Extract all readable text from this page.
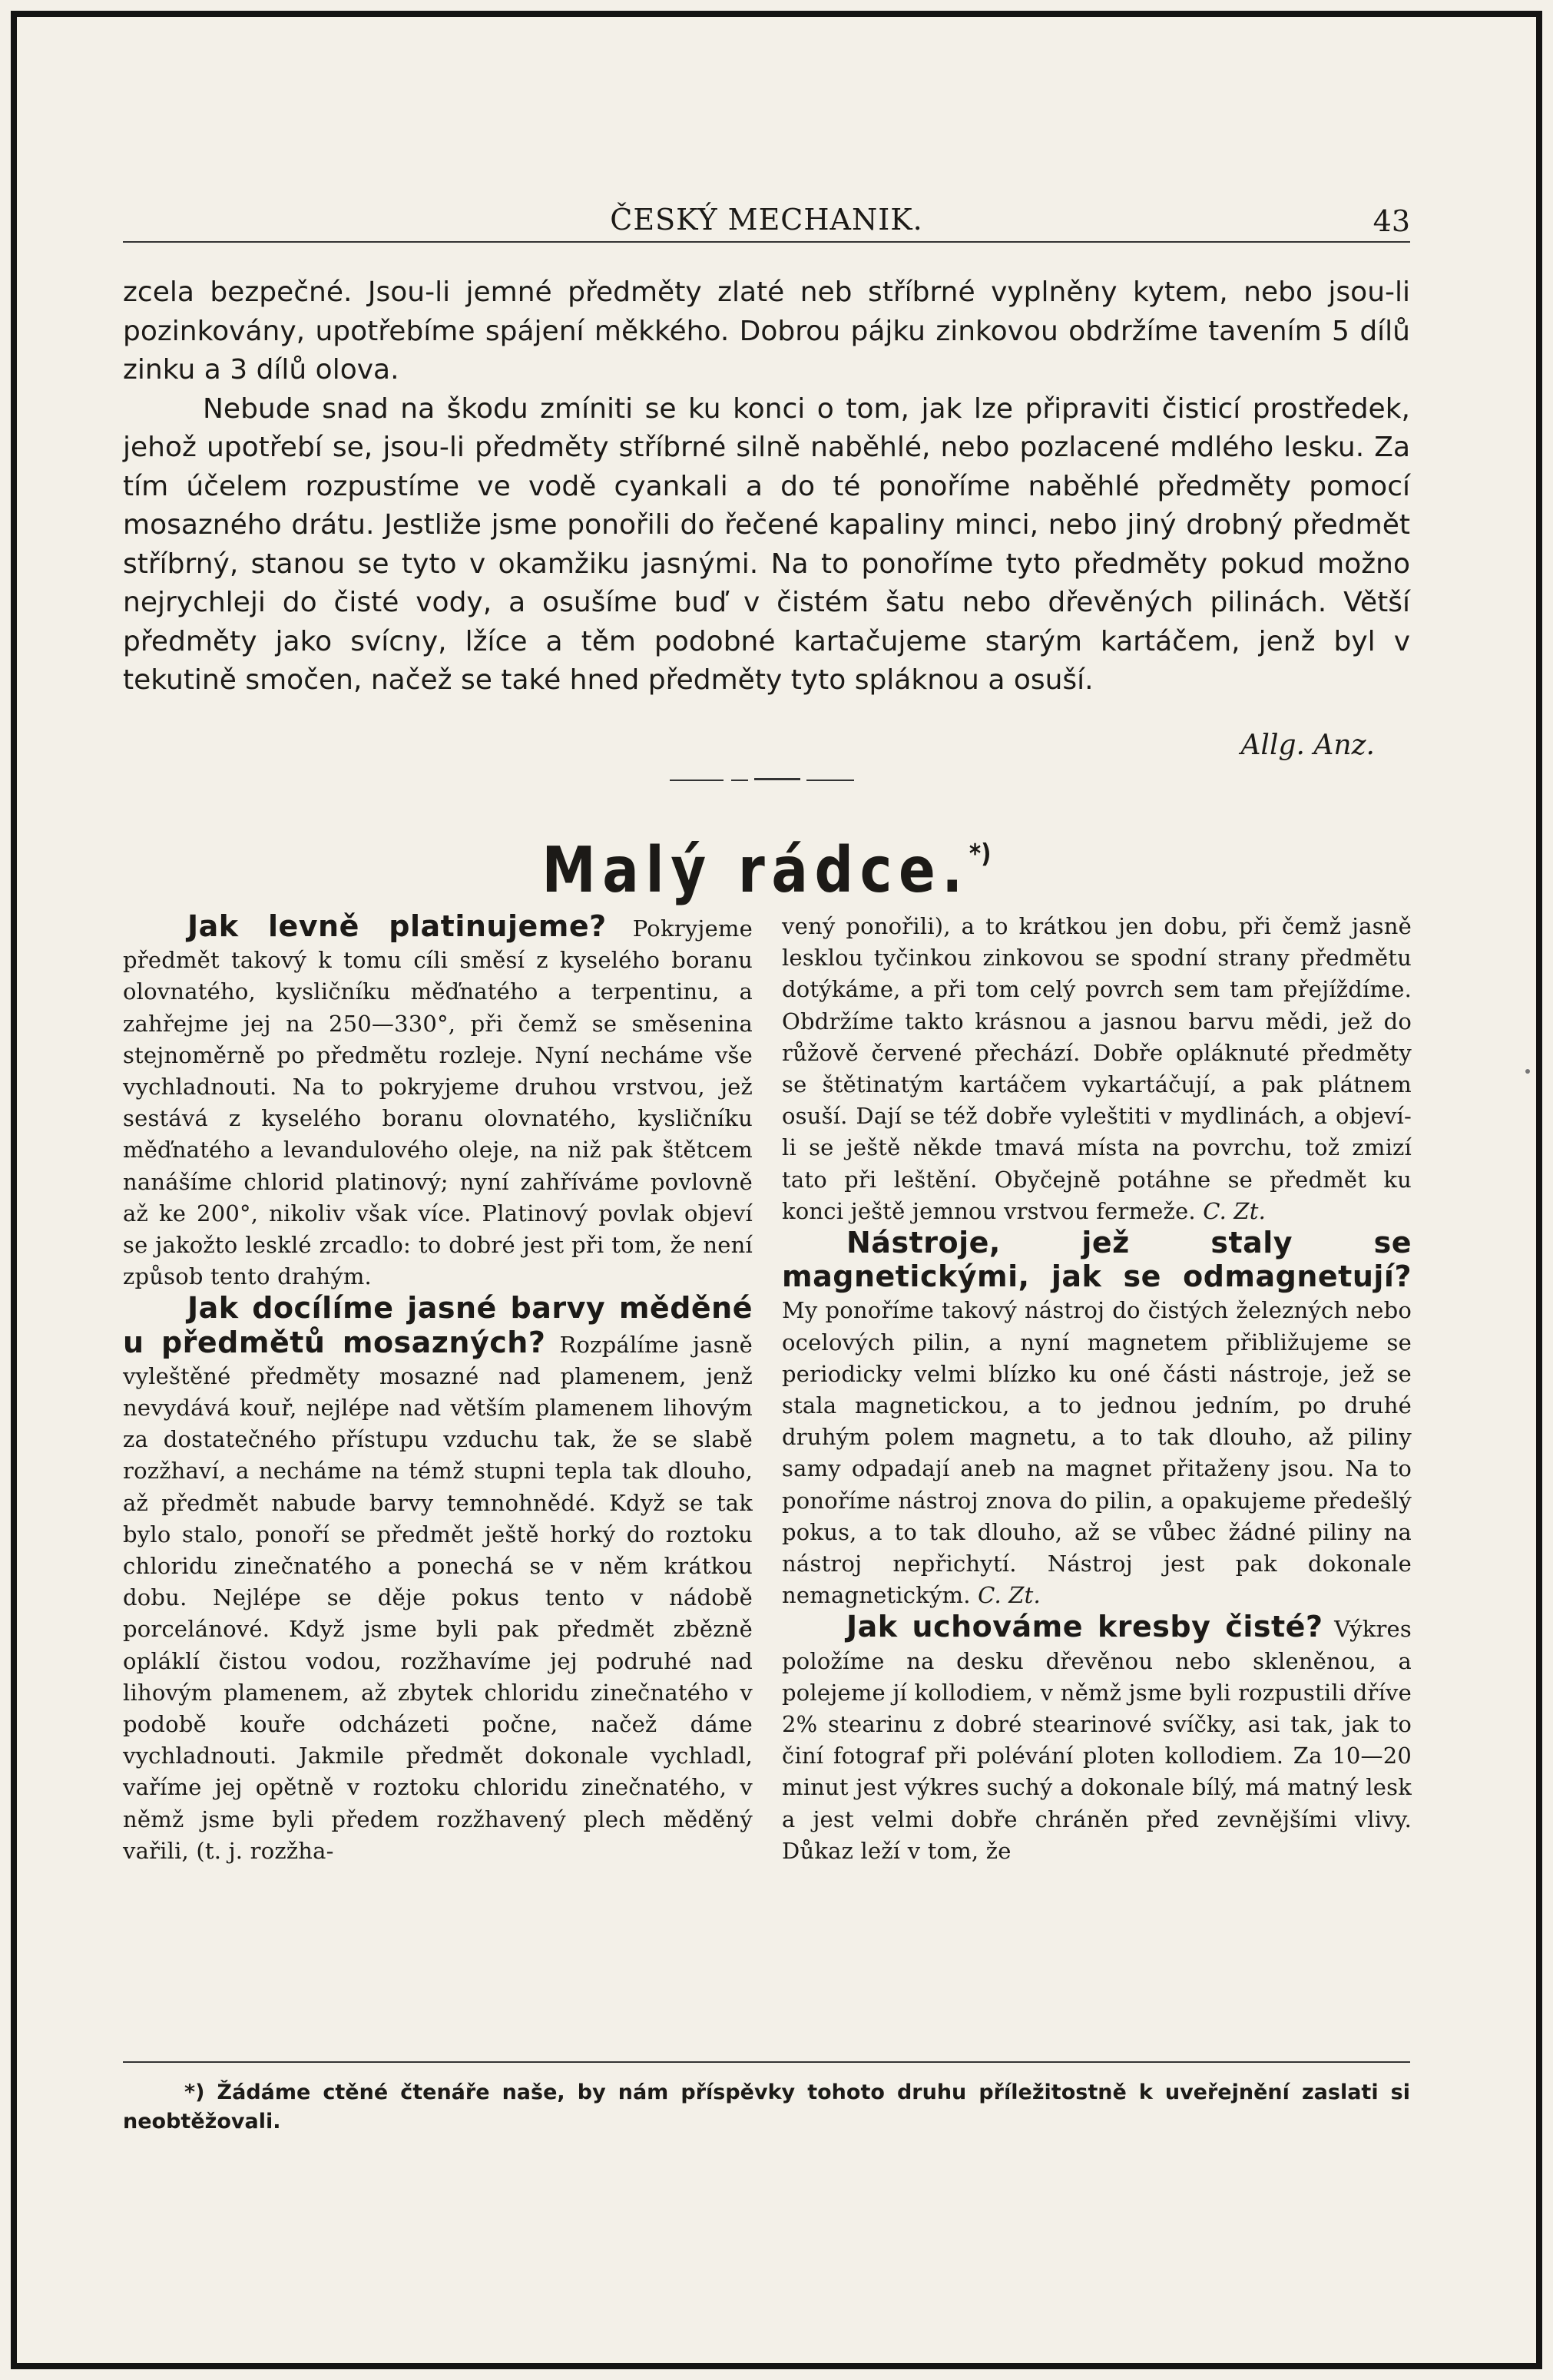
ČESKÝ MECHANIK.	43

zcela bezpečné. Jsou-li jemné předměty zlaté neb stříbrné vyplněny kytem, nebo jsou-li pozinkovány, upotřebíme spájení měkkého. Dobrou pájku zinkovou obdržíme tavením 5 dílů zinku a 3 dílů olova.

Nebude snad na škodu zmíniti se ku konci o tom, jak lze připraviti čisticí prostředek, jehož upotřebí se, jsou-li předměty stříbrné silně naběhlé, nebo pozlacené mdlého lesku. Za tím účelem rozpustíme ve vodě cyankali a do té ponoříme naběhlé předměty pomocí mosazného drátu. Jestliže jsme ponořili do řečené kapaliny minci, nebo jiný drobný předmět stříbrný, stanou se tyto v okamžiku jasnými. Na to ponoříme tyto předměty pokud možno nejrychleji do čisté vody, a osušíme buď v čistém šatu nebo dřevěných pilinách. Větší předměty jako svícny, lžíce a těm podobné kartačujeme starým kartáčem, jenž byl v tekutině smočen, načež se také hned předměty tyto spláknou a osuší.

Allg. Anz.
Malý rádce.*)

Jak levně platinujeme? Pokryjeme předmět takový k tomu cíli směsí z kyselého boranu olovnatého, kysličníku měďnatého a terpentinu, a zahřejme jej na 250—330°, při čemž se směsenina stejnoměrně po předmětu rozleje. Nyní necháme vše vychladnouti. Na to pokryjeme druhou vrstvou, jež sestává z kyselého boranu olovnatého, kysličníku měďnatého a levandulového oleje, na niž pak štětcem nanášíme chlorid platinový; nyní zahříváme povlovně až ke 200°, nikoliv však více. Platinový povlak objeví se jakožto lesklé zrcadlo: to dobré jest při tom, že není způsob tento drahým.

Jak docílíme jasné barvy měděné u předmětů mosazných? Rozpálíme jasně vyleštěné předměty mosazné nad plamenem, jenž nevydává kouř, nejlépe nad větším plamenem lihovým za dostatečného přístupu vzduchu tak, že se slabě rozžhaví, a necháme na témž stupni tepla tak dlouho, až předmět nabude barvy temnohnědé. Když se tak bylo stalo, ponoří se předmět ještě horký do roztoku chloridu zinečnatého a ponechá se v něm krátkou dobu. Nejlépe se děje pokus tento v nádobě porcelánové. Když jsme byli pak předmět zbězně opláklí čistou vodou, rozžhavíme jej podruhé nad lihovým plamenem, až zbytek chloridu zinečnatého v podobě kouře odcházeti počne, načež dáme vychladnouti. Jakmile předmět dokonale vychladl, vaříme jej opětně v roztoku chloridu zinečnatého, v němž jsme byli předem rozžhavený plech měděný vařili, (t. j. rozžha-

vený ponořili), a to krátkou jen dobu, při čemž jasně lesklou tyčinkou zinkovou se spodní strany předmětu dotýkáme, a při tom celý povrch sem tam přejíždíme. Obdržíme takto krásnou a jasnou barvu mědi, jež do růžově červené přechází. Dobře opláknuté předměty se štětinatým kartáčem vykartáčují, a pak plátnem osuší. Dají se též dobře vyleštiti v mydlinách, a objeví-li se ještě někde tmavá místa na povrchu, tož zmizí tato při leštění. Obyčejně potáhne se předmět ku konci ještě jemnou vrstvou fermeže. C. Zt.

Nástroje, jež staly se magnetickými, jak se odmagnetují? My ponoříme takový nástroj do čistých železných nebo ocelových pilin, a nyní magnetem přibližujeme se periodicky velmi blízko ku oné části nástroje, jež se stala magnetickou, a to jednou jedním, po druhé druhým polem magnetu, a to tak dlouho, až piliny samy odpadají aneb na magnet přitaženy jsou. Na to ponoříme nástroj znova do pilin, a opakujeme předešlý pokus, a to tak dlouho, až se vůbec žádné piliny na nástroj nepřichytí. Nástroj jest pak dokonale nemagnetickým. C. Zt.

Jak uchováme kresby čisté? Výkres položíme na desku dřevěnou nebo skleněnou, a polejeme jí kollodiem, v němž jsme byli rozpustili dříve 2% stearinu z dobré stearinové svíčky, asi tak, jak to činí fotograf při polévání ploten kollodiem. Za 10—20 minut jest výkres suchý a dokonale bílý, má matný lesk a jest velmi dobře chráněn před zevnějšími vlivy. Důkaz leží v tom, že

*) Žádáme ctěné čtenáře naše, by nám příspěvky tohoto druhu příležitostně k uveřejnění zaslati si neobtěžovali.
